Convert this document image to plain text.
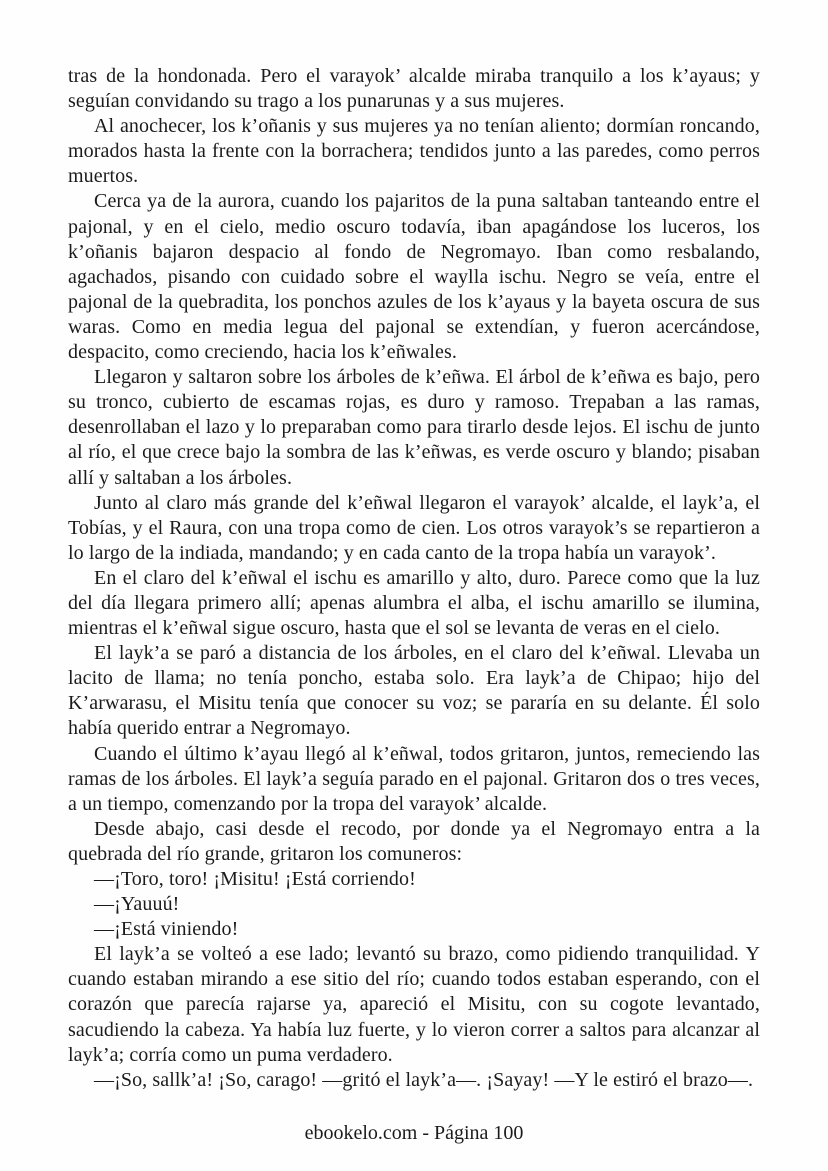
tras de la hondonada. Pero el varayok’ alcalde miraba tranquilo a los k’ayaus; y seguían convidando su trago a los punarunas y a sus mujeres.

Al anochecer, los k’oñanis y sus mujeres ya no tenían aliento; dormían roncando, morados hasta la frente con la borrachera; tendidos junto a las paredes, como perros muertos.

Cerca ya de la aurora, cuando los pajaritos de la puna saltaban tanteando entre el pajonal, y en el cielo, medio oscuro todavía, iban apagándose los luceros, los k’oñanis bajaron despacio al fondo de Negromayo. Iban como resbalando, agachados, pisando con cuidado sobre el waylla ischu. Negro se veía, entre el pajonal de la quebradita, los ponchos azules de los k’ayaus y la bayeta oscura de sus waras. Como en media legua del pajonal se extendían, y fueron acercándose, despacito, como creciendo, hacia los k’eñwales.

Llegaron y saltaron sobre los árboles de k’eñwa. El árbol de k’eñwa es bajo, pero su tronco, cubierto de escamas rojas, es duro y ramoso. Trepaban a las ramas, desenrollaban el lazo y lo preparaban como para tirarlo desde lejos. El ischu de junto al río, el que crece bajo la sombra de las k’eñwas, es verde oscuro y blando; pisaban allí y saltaban a los árboles.

Junto al claro más grande del k’eñwal llegaron el varayok’ alcalde, el layk’a, el Tobías, y el Raura, con una tropa como de cien. Los otros varayok’s se repartieron a lo largo de la indiada, mandando; y en cada canto de la tropa había un varayok’.

En el claro del k’eñwal el ischu es amarillo y alto, duro. Parece como que la luz del día llegara primero allí; apenas alumbra el alba, el ischu amarillo se ilumina, mientras el k’eñwal sigue oscuro, hasta que el sol se levanta de veras en el cielo.

El layk’a se paró a distancia de los árboles, en el claro del k’eñwal. Llevaba un lacito de llama; no tenía poncho, estaba solo. Era layk’a de Chipao; hijo del K’arwarasu, el Misitu tenía que conocer su voz; se pararía en su delante. Él solo había querido entrar a Negromayo.

Cuando el último k’ayau llegó al k’eñwal, todos gritaron, juntos, remeciendo las ramas de los árboles. El layk’a seguía parado en el pajonal. Gritaron dos o tres veces, a un tiempo, comenzando por la tropa del varayok’ alcalde.

Desde abajo, casi desde el recodo, por donde ya el Negromayo entra a la quebrada del río grande, gritaron los comuneros:

—¡Toro, toro! ¡Misitu! ¡Está corriendo!

—¡Yauuú!

—¡Está viniendo!

El layk’a se volteó a ese lado; levantó su brazo, como pidiendo tranquilidad. Y cuando estaban mirando a ese sitio del río; cuando todos estaban esperando, con el corazón que parecía rajarse ya, apareció el Misitu, con su cogote levantado, sacudiendo la cabeza. Ya había luz fuerte, y lo vieron correr a saltos para alcanzar al layk’a; corría como un puma verdadero.

—¡So, sallk’a! ¡So, carago! —gritó el layk’a—. ¡Sayay! —Y le estiró el brazo—.

ebookelo.com - Página 100
